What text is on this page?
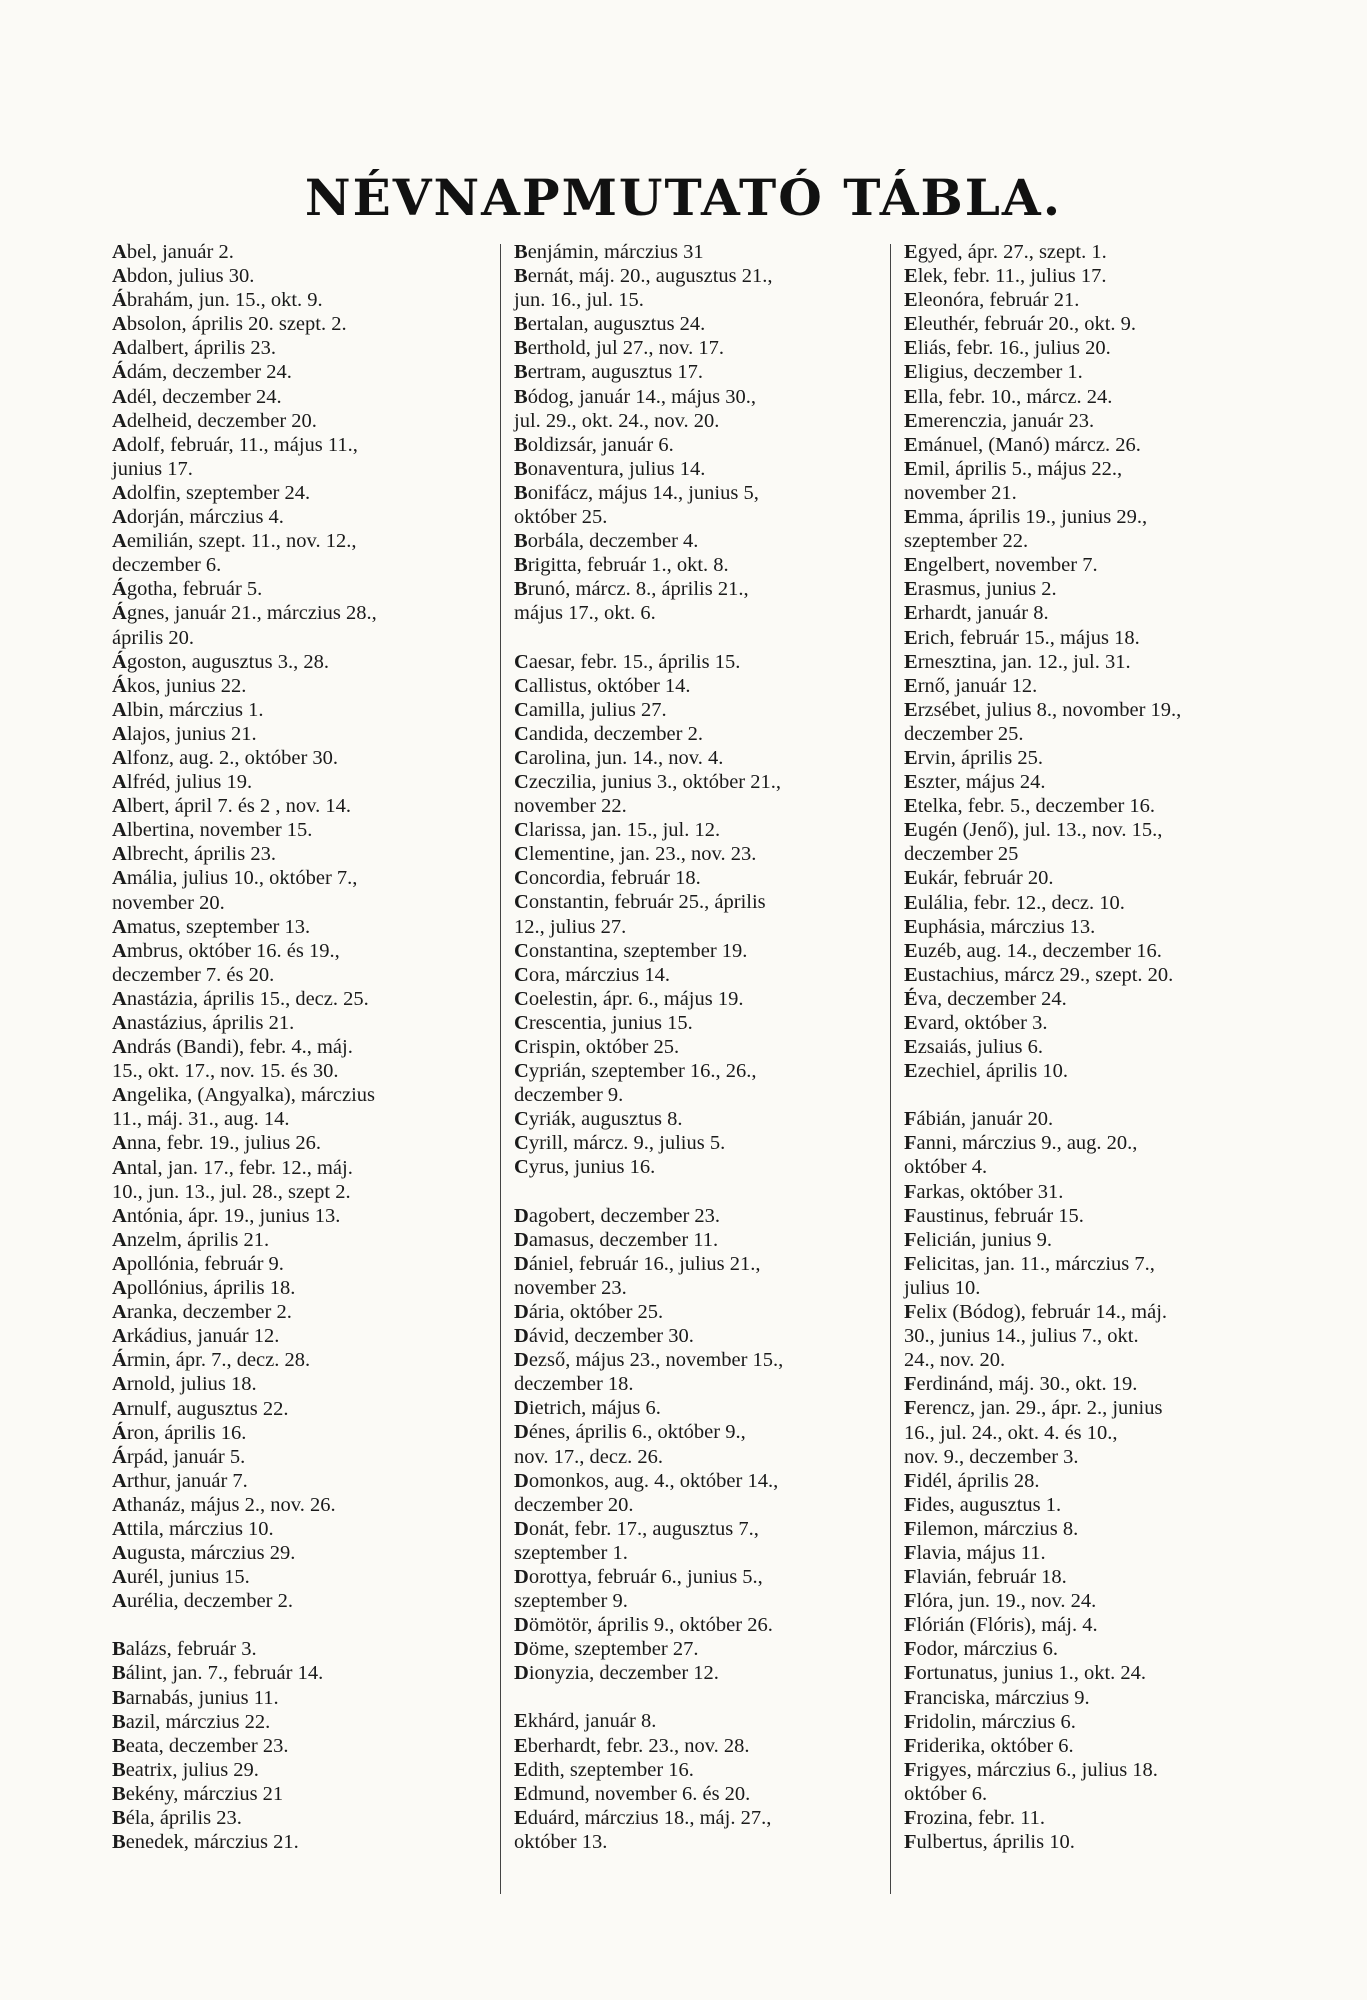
NÉVNAPMUTATÓ TÁBLA.
Abel, január 2.
Abdon, julius 30.
Ábrahám, jun. 15., okt. 9.
Absolon, április 20. szept. 2.
Adalbert, április 23.
Ádám, deczember 24.
Adél, deczember 24.
Adelheid, deczember 20.
Adolf, február, 11., május 11.,
junius 17.
Adolfin, szeptember 24.
Adorján, márczius 4.
Aemilián, szept. 11., nov. 12.,
deczember 6.
Ágotha, február 5.
Ágnes, január 21., márczius 28.,
április 20.
Ágoston, augusztus 3., 28.
Ákos, junius 22.
Albin, márczius 1.
Alajos, junius 21.
Alfonz, aug. 2., október 30.
Alfréd, julius 19.
Albert, ápril 7. és 2 , nov. 14.
Albertina, november 15.
Albrecht, április 23.
Amália, julius 10., október 7.,
november 20.
Amatus, szeptember 13.
Ambrus, október 16. és 19.,
deczember 7. és 20.
Anastázia, április 15., decz. 25.
Anastázius, április 21.
András (Bandi), febr. 4., máj.
15., okt. 17., nov. 15. és 30.
Angelika, (Angyalka), márczius
11., máj. 31., aug. 14.
Anna, febr. 19., julius 26.
Antal, jan. 17., febr. 12., máj.
10., jun. 13., jul. 28., szept 2.
Antónia, ápr. 19., junius 13.
Anzelm, április 21.
Apollónia, február 9.
Apollónius, április 18.
Aranka, deczember 2.
Arkádius, január 12.
Ármin, ápr. 7., decz. 28.
Arnold, julius 18.
Arnulf, augusztus 22.
Áron, április 16.
Árpád, január 5.
Arthur, január 7.
Athanáz, május 2., nov. 26.
Attila, márczius 10.
Augusta, márczius 29.
Aurél, junius 15.
Aurélia, deczember 2.
Balázs, február 3.
Bálint, jan. 7., február 14.
Barnabás, junius 11.
Bazil, márczius 22.
Beata, deczember 23.
Beatrix, julius 29.
Bekény, márczius 21
Béla, április 23.
Benedek, márczius 21.
Benjámin, márczius 31
Bernát, máj. 20., augusztus 21.,
jun. 16., jul. 15.
Bertalan, augusztus 24.
Berthold, jul 27., nov. 17.
Bertram, augusztus 17.
Bódog, január 14., május 30.,
jul. 29., okt. 24., nov. 20.
Boldizsár, január 6.
Bonaventura, julius 14.
Bonifácz, május 14., junius 5,
október 25.
Borbála, deczember 4.
Brigitta, február 1., okt. 8.
Brunó, márcz. 8., április 21.,
május 17., okt. 6.
Caesar, febr. 15., április 15.
Callistus, október 14.
Camilla, julius 27.
Candida, deczember 2.
Carolina, jun. 14., nov. 4.
Czeczilia, junius 3., október 21.,
november 22.
Clarissa, jan. 15., jul. 12.
Clementine, jan. 23., nov. 23.
Concordia, február 18.
Constantin, február 25., április
12., julius 27.
Constantina, szeptember 19.
Cora, márczius 14.
Coelestin, ápr. 6., május 19.
Crescentia, junius 15.
Crispin, október 25.
Cyprián, szeptember 16., 26.,
deczember 9.
Cyriák, augusztus 8.
Cyrill, márcz. 9., julius 5.
Cyrus, junius 16.
Dagobert, deczember 23.
Damasus, deczember 11.
Dániel, február 16., julius 21.,
november 23.
Dária, október 25.
Dávid, deczember 30.
Dezső, május 23., november 15.,
deczember 18.
Dietrich, május 6.
Dénes, április 6., október 9.,
nov. 17., decz. 26.
Domonkos, aug. 4., október 14.,
deczember 20.
Donát, febr. 17., augusztus 7.,
szeptember 1.
Dorottya, február 6., junius 5.,
szeptember 9.
Dömötör, április 9., október 26.
Döme, szeptember 27.
Dionyzia, deczember 12.
Ekhárd, január 8.
Eberhardt, febr. 23., nov. 28.
Edith, szeptember 16.
Edmund, november 6. és 20.
Eduárd, márczius 18., máj. 27.,
október 13.
Egyed, ápr. 27., szept. 1.
Elek, febr. 11., julius 17.
Eleonóra, február 21.
Eleuthér, február 20., okt. 9.
Eliás, febr. 16., julius 20.
Eligius, deczember 1.
Ella, febr. 10., márcz. 24.
Emerenczia, január 23.
Emánuel, (Manó) márcz. 26.
Emil, április 5., május 22.,
november 21.
Emma, április 19., junius 29.,
szeptember 22.
Engelbert, november 7.
Erasmus, junius 2.
Erhardt, január 8.
Erich, február 15., május 18.
Ernesztina, jan. 12., jul. 31.
Ernő, január 12.
Erzsébet, julius 8., novomber 19.,
deczember 25.
Ervin, április 25.
Eszter, május 24.
Etelka, febr. 5., deczember 16.
Eugén (Jenő), jul. 13., nov. 15.,
deczember 25
Eukár, február 20.
Eulália, febr. 12., decz. 10.
Euphásia, márczius 13.
Euzéb, aug. 14., deczember 16.
Eustachius, márcz 29., szept. 20.
Éva, deczember 24.
Evard, október 3.
Ezsaiás, julius 6.
Ezechiel, április 10.
Fábián, január 20.
Fanni, márczius 9., aug. 20.,
október 4.
Farkas, október 31.
Faustinus, február 15.
Felicián, junius 9.
Felicitas, jan. 11., márczius 7.,
julius 10.
Felix (Bódog), február 14., máj.
30., junius 14., julius 7., okt.
24., nov. 20.
Ferdinánd, máj. 30., okt. 19.
Ferencz, jan. 29., ápr. 2., junius
16., jul. 24., okt. 4. és 10.,
nov. 9., deczember 3.
Fidél, április 28.
Fides, augusztus 1.
Filemon, márczius 8.
Flavia, május 11.
Flavián, február 18.
Flóra, jun. 19., nov. 24.
Flórián (Flóris), máj. 4.
Fodor, márczius 6.
Fortunatus, junius 1., okt. 24.
Franciska, márczius 9.
Fridolin, márczius 6.
Friderika, október 6.
Frigyes, márczius 6., julius 18.
október 6.
Frozina, febr. 11.
Fulbertus, április 10.
